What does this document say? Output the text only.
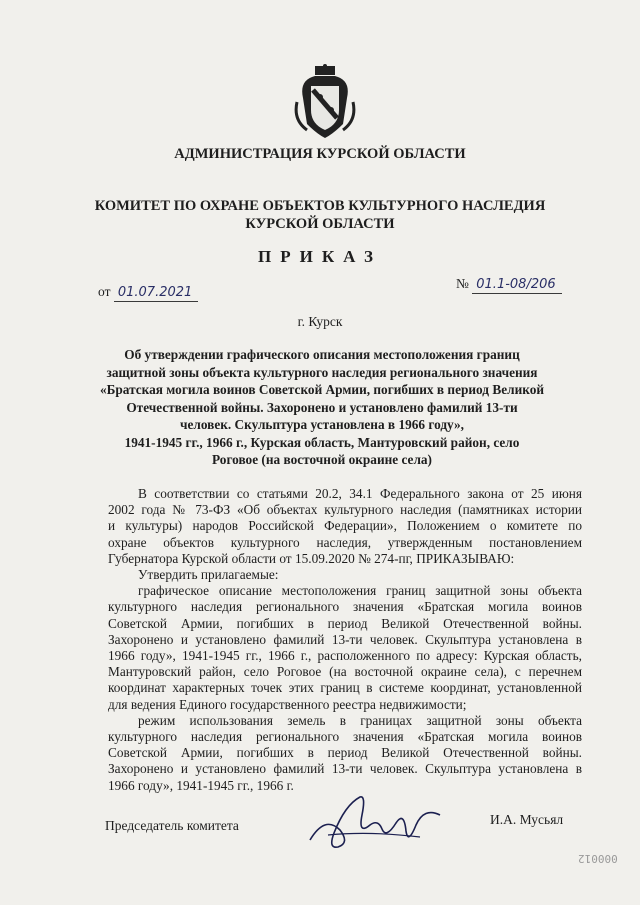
АДМИНИСТРАЦИЯ КУРСКОЙ ОБЛАСТИ
КОМИТЕТ ПО ОХРАНЕ ОБЪЕКТОВ КУЛЬТУРНОГО НАСЛЕДИЯ
КУРСКОЙ ОБЛАСТИ
ПРИКАЗ
от 01.07.2021
№ 01.1-08/206
г. Курск
Об утверждении графического описания местоположения границ
защитной зоны объекта культурного наследия регионального значения
«Братская могила воинов Советской Армии, погибших в период Великой
Отечественной войны. Захоронено и установлено фамилий 13-ти
человек. Скульптура установлена в 1966 году»,
1941-1945 гг., 1966 г., Курская область, Мантуровский район, село
Роговое (на восточной окраине села)
В соответствии со статьями 20.2, 34.1 Федерального закона от 25 июня
2002 года № 73-ФЗ «Об объектах культурного наследия (памятниках истории
и культуры) народов Российской Федерации», Положением о комитете по
охране объектов культурного наследия, утвержденным постановлением
Губернатора Курской области от 15.09.2020 № 274-пг, ПРИКАЗЫВАЮ:
Утвердить прилагаемые:
графическое описание местоположения границ защитной зоны объекта
культурного наследия регионального значения «Братская могила воинов
Советской Армии, погибших в период Великой Отечественной войны.
Захоронено и установлено фамилий 13-ти человек. Скульптура установлена в
1966 году», 1941-1945 гг., 1966 г., расположенного по адресу: Курская область,
Мантуровский район, село Роговое (на восточной окраине села), с перечнем
координат характерных точек этих границ в системе координат, установленной
для ведения Единого государственного реестра недвижимости;
режим использования земель в границах защитной зоны объекта
культурного наследия регионального значения «Братская могила воинов
Советской Армии, погибших в период Великой Отечественной войны.
Захоронено и установлено фамилий 13-ти человек. Скульптура установлена в
1966 году», 1941-1945 гг., 1966 г.
Председатель комитета	И.А. Мусьял
000012
